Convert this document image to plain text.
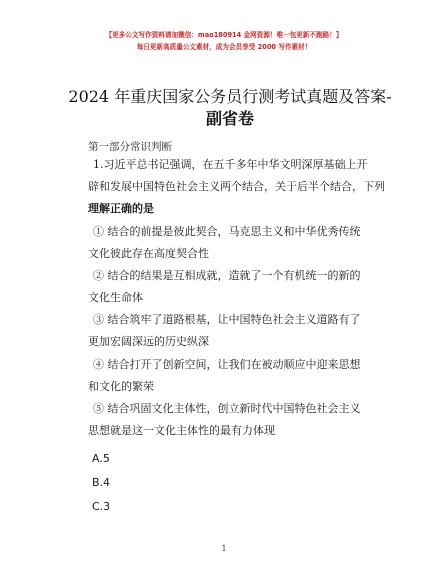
【更多公文写作资料请加微信：mao180914 金网资源！唯一包更新不跑路！】
每日更新高质量公文素材，成为会员享受 2000 写作素材！
2024 年重庆国家公务员行测考试真题及答案-
副省卷
第一部分常识判断
1.习近平总书记强调，在五千多年中华文明深厚基础上开
辟和发展中国特色社会主义两个结合，关于后半个结合，下列
理解正确的是
① 结合的前提是彼此契合，马克思主义和中华优秀传统
文化彼此存在高度契合性
② 结合的结果是互相成就，造就了一个有机统一的新的
文化生命体
③ 结合筑牢了道路根基，让中国特色社会主义道路有了
更加宏阔深远的历史纵深
④ 结合打开了创新空间，让我们在被动顺应中迎来思想
和文化的繁荣
⑤ 结合巩固文化主体性，创立新时代中国特色社会主义
思想就是这一文化主体性的最有力体现
A.5
B.4
C.3
1
